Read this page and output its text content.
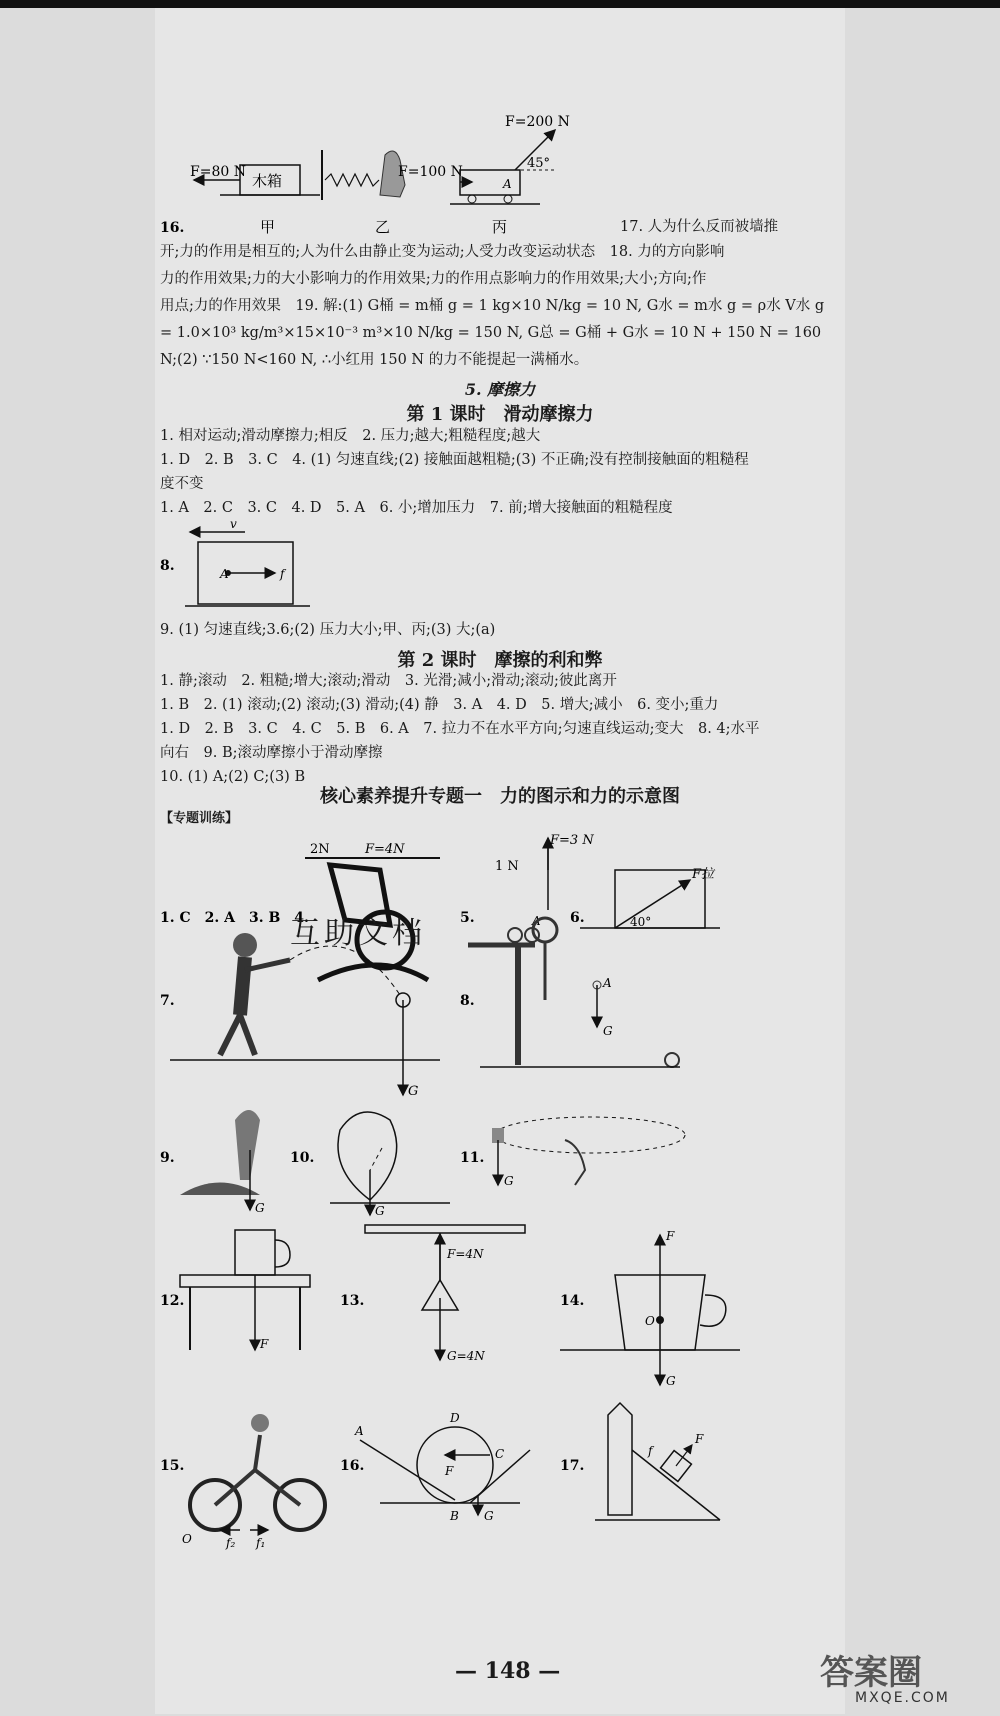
F=80 N 木箱	F=100 N
A
F=200 N
45°
16.	甲	乙	丙	17. 人为什么反而被墙推
开;力的作用是相互的;人为什么由静止变为运动;人受力改变运动状态　18. 力的方向影响
力的作用效果;力的大小影响力的作用效果;力的作用点影响力的作用效果;大小;方向;作
用点;力的作用效果　19. 解:(1) G桶 = m桶 g = 1 kg×10 N/kg = 10 N, G水 = m水 g = ρ水 V水 g
= 1.0×10³ kg/m³×15×10⁻³ m³×10 N/kg = 150 N, G总 = G桶 + G水 = 10 N + 150 N = 160
N;(2) ∵150 N<160 N, ∴小红用 150 N 的力不能提起一满桶水。
5. 摩擦力
第 1 课时　滑动摩擦力
1. 相对运动;滑动摩擦力;相反　2. 压力;越大;粗糙程度;越大
1. D　2. B　3. C　4. (1) 匀速直线;(2) 接触面越粗糙;(3) 不正确;没有控制接触面的粗糙程
度不变
1. A　2. C　3. C　4. D　5. A　6. 小;增加压力　7. 前;增大接触面的粗糙程度
8.
v
A	f
9. (1) 匀速直线;3.6;(2) 压力大小;甲、丙;(3) 大;(a)
第 2 课时　摩擦的利和弊
1. 静;滚动　2. 粗糙;增大;滚动;滑动　3. 光滑;减小;滑动;滚动;彼此离开
1. B　2. (1) 滚动;(2) 滚动;(3) 滑动;(4) 静　3. A　4. D　5. 增大;减小　6. 变小;重力
1. D　2. B　3. C　4. C　5. B　6. A　7. 拉力不在水平方向;匀速直线运动;变大　8. 4;水平
向右　9. B;滚动摩擦小于滑动摩擦
10. (1) A;(2) C;(3) B
核心素养提升专题一　力的图示和力的示意图
【专题训练】
1. C　2. A　3. B　4.
2N	F=4N
5.
F=3 N
1 N
A 6.
F拉
40°
互助文档
7.
G
8.
A
G
9.
G
10.
G
11.
G
12.
F
13.
F=4N
G=4N
14.
O
F
G
15.
O	f₂ f₁
16.
A
D
C
F
B G
17.
F
f
— 148 —	答案圈
MXQE.COM
